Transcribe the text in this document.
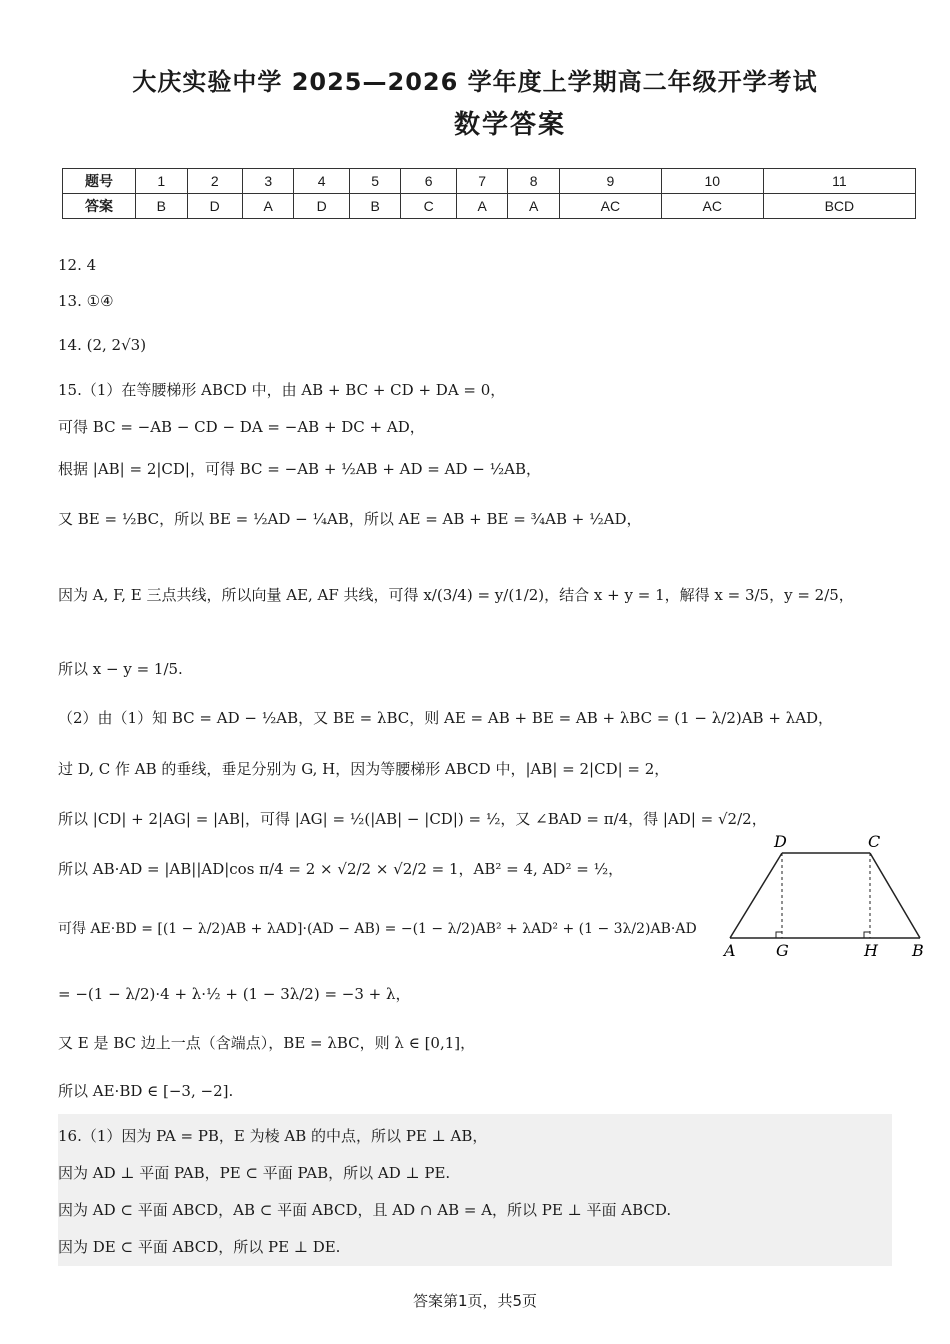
大庆实验中学 2025—2026 学年度上学期高二年级开学考试
数学答案
题号	1	2	3	4	5	6	7	8	9	10	11
答案	B	D	A	D	B	C	A	A	AC	AC	BCD
12. 4
13. ①④
14. (2, 2√3)
15.（1）在等腰梯形 ABCD 中，由 AB + BC + CD + DA = 0，
可得 BC = −AB − CD − DA = −AB + DC + AD，
根据 |AB| = 2|CD|，可得 BC = −AB + ½AB + AD = AD − ½AB，
又 BE = ½BC，所以 BE = ½AD − ¼AB，所以 AE = AB + BE = ¾AB + ½AD，
因为 A, F, E 三点共线，所以向量 AE, AF 共线，可得 x/(3/4) = y/(1/2)，结合 x + y = 1，解得 x = 3/5，y = 2/5，
所以 x − y = 1/5.
（2）由（1）知 BC = AD − ½AB，又 BE = λBC，则 AE = AB + BE = AB + λBC = (1 − λ/2)AB + λAD，
过 D, C 作 AB 的垂线，垂足分别为 G, H，因为等腰梯形 ABCD 中，|AB| = 2|CD| = 2，
所以 |CD| + 2|AG| = |AB|，可得 |AG| = ½(|AB| − |CD|) = ½，又 ∠BAD = π/4，得 |AD| = √2/2，
所以 AB·AD = |AB||AD|cos π/4 = 2 × √2/2 × √2/2 = 1，AB² = 4, AD² = ½，
可得 AE·BD = [(1 − λ/2)AB + λAD]·(AD − AB) = −(1 − λ/2)AB² + λAD² + (1 − 3λ/2)AB·AD
= −(1 − λ/2)·4 + λ·½ + (1 − 3λ/2) = −3 + λ，
又 E 是 BC 边上一点（含端点），BE = λBC，则 λ ∈ [0,1]，
所以 AE·BD ∈ [−3, −2].
16.（1）因为 PA = PB，E 为棱 AB 的中点，所以 PE ⊥ AB，
因为 AD ⊥ 平面 PAB，PE ⊂ 平面 PAB，所以 AD ⊥ PE.
因为 AD ⊂ 平面 ABCD，AB ⊂ 平面 ABCD，且 AD ∩ AB = A，所以 PE ⊥ 平面 ABCD.
因为 DE ⊂ 平面 ABCD，所以 PE ⊥ DE.
D	C
A	G	H B
答案第1页，共5页
